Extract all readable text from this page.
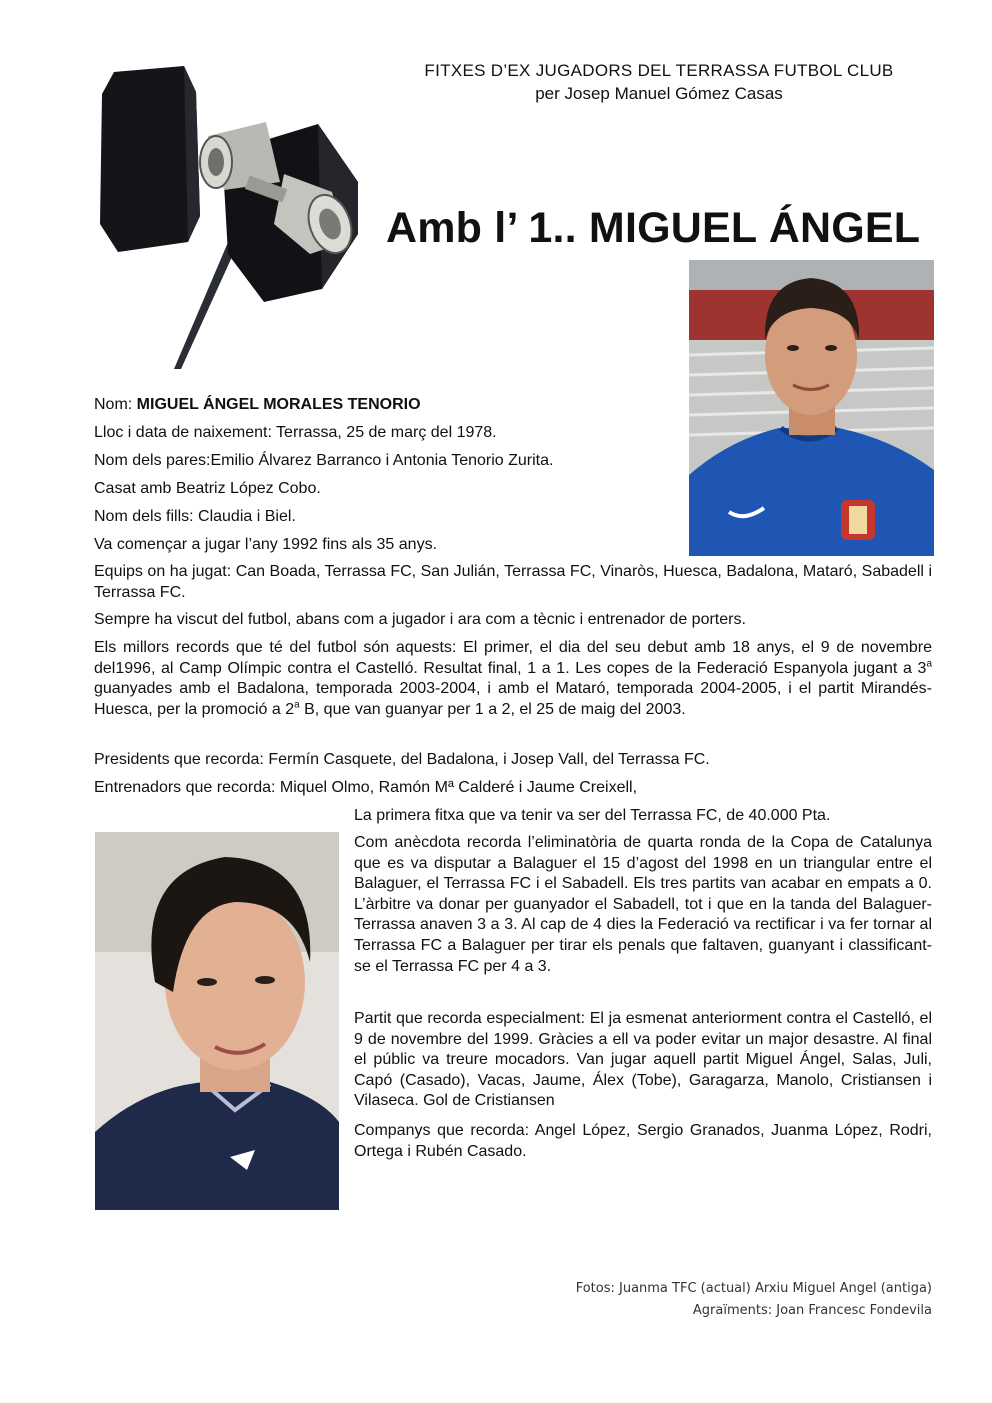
FITXES D’EX JUGADORS DEL TERRASSA FUTBOL CLUB
per Josep Manuel Gómez Casas
Amb l’ 1.. MIGUEL ÁNGEL
Nom: MIGUEL ÁNGEL MORALES TENORIO
Lloc i data de naixement: Terrassa, 25 de març del 1978.
Nom dels pares:Emilio Álvarez Barranco i Antonia Tenorio Zurita.
Casat amb Beatriz López Cobo.
Nom dels fills: Claudia i Biel.
Va començar a jugar l’any 1992 fins als 35 anys.
Equips on ha jugat: Can Boada, Terrassa FC, San Julián, Terrassa FC, Vinaròs, Huesca, Badalona, Mataró, Sabadell i Terrassa FC.
Sempre ha viscut del futbol, abans com a jugador i ara com a tècnic i entrenador de porters.
Els millors records que té del futbol són aquests: El primer, el dia del seu debut amb 18 anys, el 9 de novembre del1996, al Camp Olímpic contra el Castelló. Resultat final, 1 a 1. Les copes de la Federació Espanyola jugant a 3$^a$ guanyades amb el Badalona, temporada 2003-2004, i amb el Mataró, temporada 2004-2005, i el partit Mirandés-Huesca, per la promoció a 2$^a$ B, que van guanyar per 1 a 2, el 25 de maig del 2003.
Presidents que recorda: Fermín Casquete, del Badalona, i Josep Vall, del Terrassa FC.
Entrenadors que recorda: Miquel Olmo, Ramón Mª Calderé i Jaume Creixell,
La primera fitxa que va tenir va ser del Terrassa FC, de 40.000 Pta.
Com anècdota recorda l’eliminatòria de quarta ronda de la Copa de Catalunya que es va disputar a Balaguer el 15 d’agost del 1998 en un triangular entre el Balaguer, el Terrassa FC i el Sabadell. Els tres partits van acabar en empats a 0. L’àrbitre va donar per guanyador el Sabadell, tot i que en la tanda del Balaguer-Terrassa anaven 3 a 3. Al cap de 4 dies la Federació va rectificar i va fer tornar al Terrassa FC a Balaguer per tirar els penals que faltaven, guanyant i classificant-se el Terrassa FC per 4 a 3.
Partit que recorda especialment: El ja esmenat anteriorment contra el Castelló, el 9 de novembre del 1999. Gràcies a ell va poder evitar un major desastre. Al final el públic va treure mocadors. Van jugar aquell partit Miguel Ángel, Salas, Juli, Capó (Casado), Vacas, Jaume, Álex (Tobe), Garagarza, Manolo, Cristiansen i Vilaseca. Gol de Cristiansen
Companys que recorda: Angel López, Sergio Granados, Juanma López, Rodri, Ortega i Rubén Casado.
Fotos: Juanma TFC (actual) Arxiu Miguel Angel (antiga)
Agraïments: Joan Francesc Fondevila
